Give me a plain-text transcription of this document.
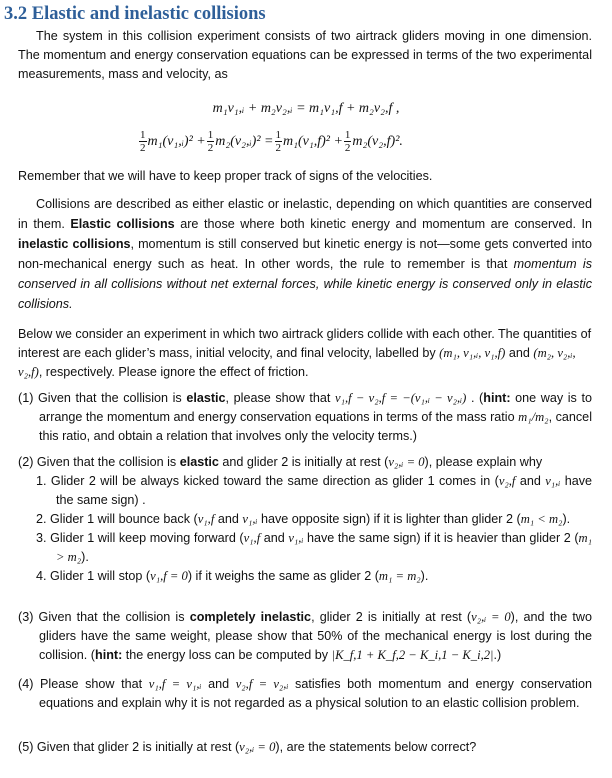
3.2 Elastic and inelastic collisions

The system in this collision experiment consists of two airtrack gliders moving in one dimension. The momentum and energy conservation equations can be expressed in terms of the two experimental measurements, mass and velocity, as

m₁v₁,ᵢ + m₂v₂,ᵢ = m₁v₁,f + m₂v₂,f ,
$\frac{1}{2}$ m₁(v₁,ᵢ)² + $\frac{1}{2}$ m₂(v₂,ᵢ)² = $\frac{1}{2} m_1(v_1,f)^2 + \frac{1}{2} m_2(v_2,f)^2$.

Remember that we will have to keep proper track of signs of the velocities.

Collisions are described as either elastic or inelastic, depending on which quantities are conserved in them. Elastic collisions are those where both kinetic energy and momentum are conserved. In inelastic collisions, momentum is still conserved but kinetic energy is not—some gets converted into non-mechanical energy such as heat. In other words, the rule to remember is that momentum is conserved in all collisions without net external forces, while kinetic energy is conserved only in elastic collisions.

Below we consider an experiment in which two airtrack gliders collide with each other. The quantities of interest are each glider’s mass, initial velocity, and final velocity, labelled by (m₁, v₁,ᵢ, v₁,f) and (m₂, v₂,ᵢ, v₂,f), respectively. Please ignore the effect of friction.

(1) Given that the collision is elastic, please show that v₁,f − v₂,f = −(v₁,ᵢ − v₂,ᵢ) . (hint: one way is to arrange the momentum and energy conservation equations in terms of the mass ratio m₁/m₂, cancel this ratio, and obtain a relation that involves only the velocity terms.)

(2) Given that the collision is elastic and glider 2 is initially at rest (v₂,ᵢ = 0), please explain why

1. Glider 2 will be always kicked toward the same direction as glider 1 comes in (v₂,f and v₁,ᵢ have the same sign) .

2. Glider 1 will bounce back (v₁,f and v₁,ᵢ have opposite sign) if it is lighter than glider 2 (m₁ < m₂).

3. Glider 1 will keep moving forward (v₁,f and v₁,ᵢ have the same sign) if it is heavier than glider 2 (m₁ > m₂).

4. Glider 1 will stop (v₁,f = 0) if it weighs the same as glider 2 (m₁ = m₂).

(3) Given that the collision is completely inelastic, glider 2 is initially at rest (v₂,ᵢ = 0), and the two gliders have the same weight, please show that 50% of the mechanical energy is lost during the collision. (hint: the energy loss can be computed by |K_f,1 + K_f,2 − K_i,1 − K_i,2|.)

(4) Please show that v₁,f = v₁,ᵢ and v₂,f = v₂,ᵢ satisfies both momentum and energy conservation equations and explain why it is not regarded as a physical solution to an elastic collision problem.

(5) Given that glider 2 is initially at rest (v₂,ᵢ = 0), are the statements below correct?
